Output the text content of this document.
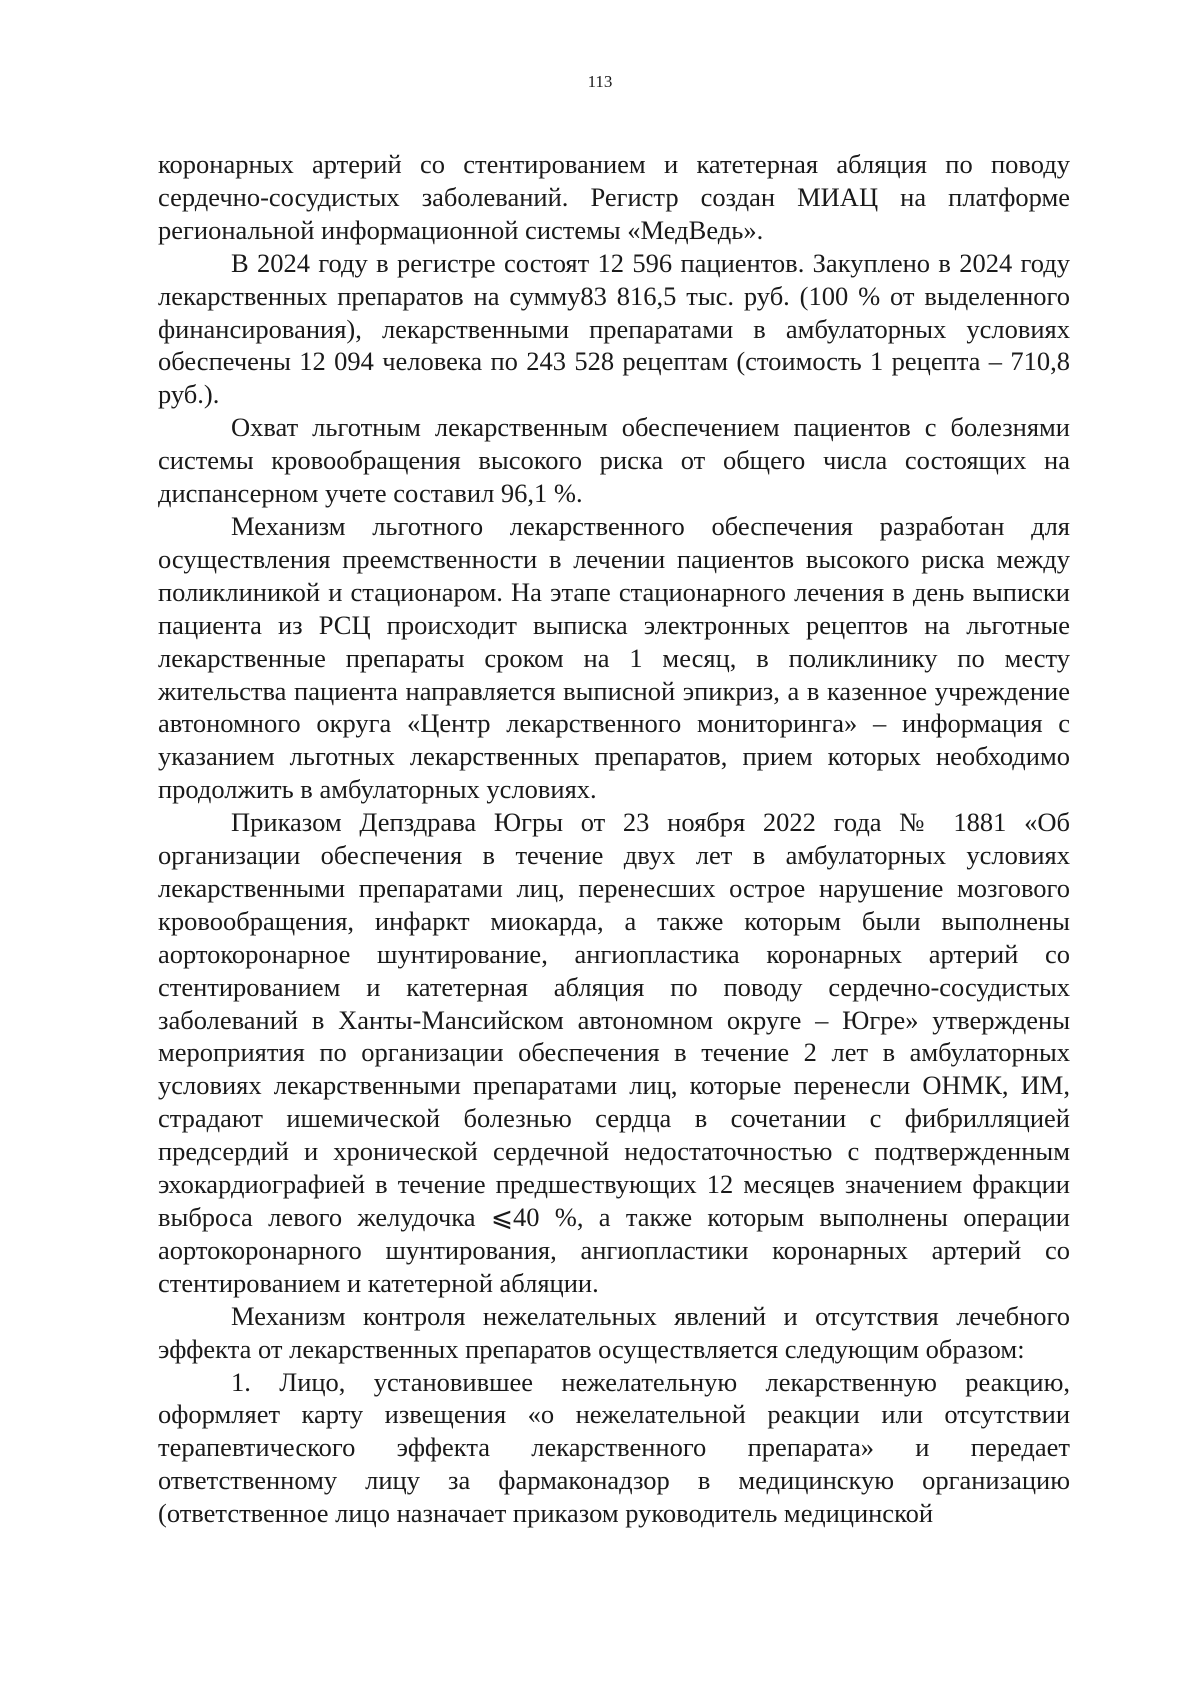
113

коронарных артерий со стентированием и катетерная абляция по поводу сердечно-сосудистых заболеваний. Регистр создан МИАЦ на платформе региональной информационной системы «МедВедь».

В 2024 году в регистре состоят 12 596 пациентов. Закуплено в 2024 году лекарственных препаратов на сумму83 816,5 тыс. руб. (100 % от выделенного финансирования), лекарственными препаратами в амбулаторных условиях обеспечены 12 094 человека по 243 528 рецептам (стоимость 1 рецепта – 710,8 руб.).

Охват льготным лекарственным обеспечением пациентов с болезнями системы кровообращения высокого риска от общего числа состоящих на диспансерном учете составил 96,1 %.

Механизм льготного лекарственного обеспечения разработан для осуществления преемственности в лечении пациентов высокого риска между поликлиникой и стационаром. На этапе стационарного лечения в день выписки пациента из РСЦ происходит выписка электронных рецептов на льготные лекарственные препараты сроком на 1 месяц, в поликлинику по месту жительства пациента направляется выписной эпикриз, а в казенное учреждение автономного округа «Центр лекарственного мониторинга» – информация с указанием льготных лекарственных препаратов, прием которых необходимо продолжить в амбулаторных условиях.

Приказом Депздрава Югры от 23 ноября 2022 года № 1881 «Об организации обеспечения в течение двух лет в амбулаторных условиях лекарственными препаратами лиц, перенесших острое нарушение мозгового кровообращения, инфаркт миокарда, а также которым были выполнены аортокоронарное шунтирование, ангиопластика коронарных артерий со стентированием и катетерная абляция по поводу сердечно-сосудистых заболеваний в Ханты-Мансийском автономном округе – Югре» утверждены мероприятия по организации обеспечения в течение 2 лет в амбулаторных условиях лекарственными препаратами лиц, которые перенесли ОНМК, ИМ, страдают ишемической болезнью сердца в сочетании с фибрилляцией предсердий и хронической сердечной недостаточностью с подтвержденным эхокардиографией в течение предшествующих 12 месяцев значением фракции выброса левого желудочка ⩽40 %, а также которым выполнены операции аортокоронарного шунтирования, ангиопластики коронарных артерий со стентированием и катетерной абляции.

Механизм контроля нежелательных явлений и отсутствия лечебного эффекта от лекарственных препаратов осуществляется следующим образом:

1. Лицо, установившее нежелательную лекарственную реакцию, оформляет карту извещения «о нежелательной реакции или отсутствии терапевтического эффекта лекарственного препарата» и передает ответственному лицу за фармаконадзор в медицинскую организацию (ответственное лицо назначает приказом руководитель медицинской
